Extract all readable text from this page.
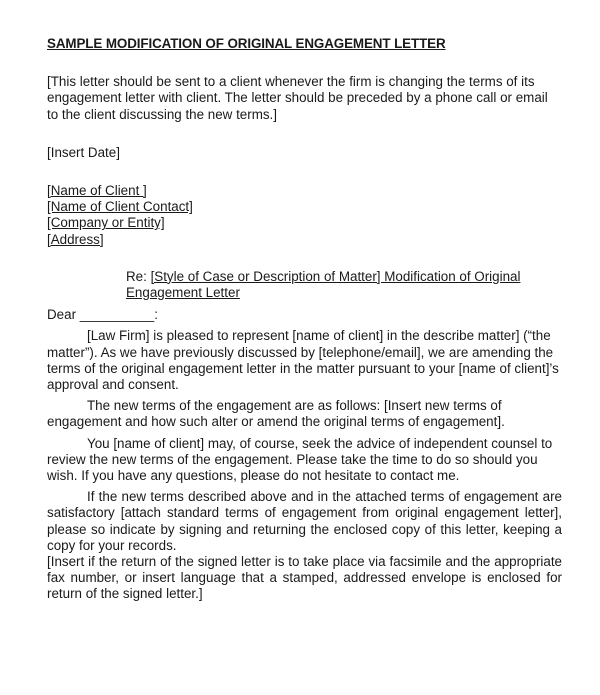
SAMPLE MODIFICATION OF ORIGINAL ENGAGEMENT LETTER

[This letter should be sent to a client whenever the firm is changing the terms of its engagement letter with client. The letter should be preceded by a phone call or email to the client discussing the new terms.]

[Insert Date]

[Name of Client ]
[Name of Client Contact]
[Company or Entity]
[Address]
Re: [Style of Case or Description of Matter] Modification of Original
Engagement Letter

Dear __________:

[Law Firm] is pleased to represent [name of client] in the describe matter] (“the matter”). As we have previously discussed by [telephone/email], we are amending the terms of the original engagement letter in the matter pursuant to your [name of client]’s approval and consent.

The new terms of the engagement are as follows: [Insert new terms of engagement and how such alter or amend the original terms of engagement].

You [name of client] may, of course, seek the advice of independent counsel to review the new terms of the engagement. Please take the time to do so should you wish. If you have any questions, please do not hesitate to contact me.

If the new terms described above and in the attached terms of engagement are satisfactory [attach standard terms of engagement from original engagement letter], please so indicate by signing and returning the enclosed copy of this letter, keeping a copy for your records.

[Insert if the return of the signed letter is to take place via facsimile and the appropriate fax number, or insert language that a stamped, addressed envelope is enclosed for return of the signed letter.]
